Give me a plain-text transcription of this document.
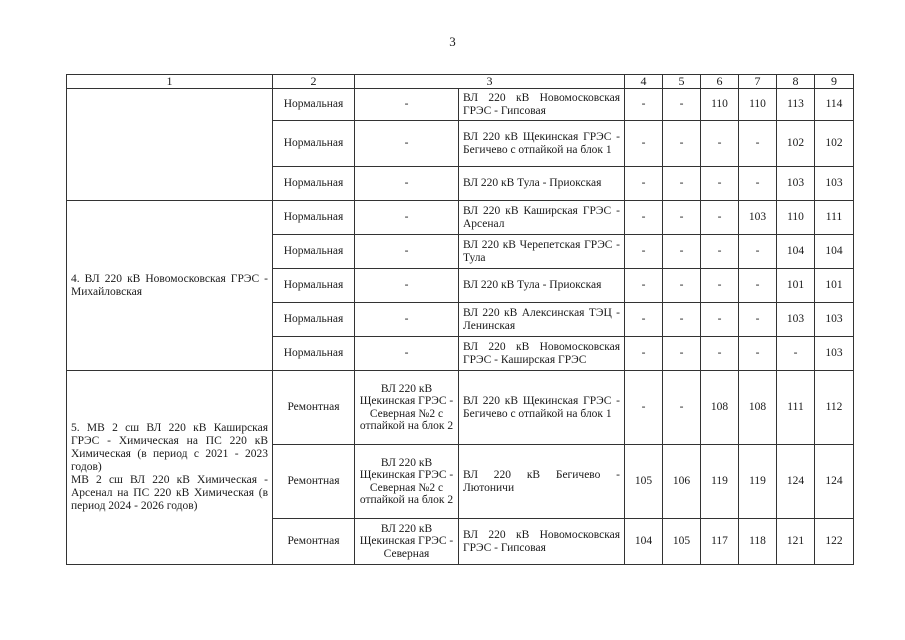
3
1	2	3		4	5	6	7	8	9
	Нормальная	-	ВЛ 220 кВ Новомосковская ГРЭС - Гипсовая	-	-	110	110	113	114
	Нормальная	-	ВЛ 220 кВ Щекинская ГРЭС - Бегичево с отпайкой на блок 1	-	-	-	-	102	102
	Нормальная	-	ВЛ 220 кВ Тула - Приокская	-	-	-	-	103	103
4. ВЛ 220 кВ Новомосковская ГРЭС - Михайловская	Нормальная	-	ВЛ 220 кВ Каширская ГРЭС - Арсенал	-	-	-	103	110	111
	Нормальная	-	ВЛ 220 кВ Черепетская ГРЭС - Тула	-	-	-	-	104	104
	Нормальная	-	ВЛ 220 кВ Тула - Приокская	-	-	-	-	101	101
	Нормальная	-	ВЛ 220 кВ Алексинская ТЭЦ - Ленинская	-	-	-	-	103	103
	Нормальная	-	ВЛ 220 кВ Новомосковская ГРЭС - Каширская ГРЭС	-	-	-	-	-	103
5. МВ 2 сш ВЛ 220 кВ Каширская ГРЭС - Химическая на ПС 220 кВ Химическая (в период с 2021 - 2023 годов)
МВ 2 сш ВЛ 220 кВ Химическая - Арсенал на ПС 220 кВ Химическая (в период 2024 - 2026 годов)	Ремонтная	ВЛ 220 кВ Щекинская ГРЭС - Северная №2 с отпайкой на блок 2	ВЛ 220 кВ Щекинская ГРЭС - Бегичево с отпайкой на блок 1	-	-	108	108	111	112
	Ремонтная	ВЛ 220 кВ Щекинская ГРЭС - Северная №2 с отпайкой на блок 2	ВЛ 220 кВ Бегичево - Лютоничи	105	106	119	119	124	124
	Ремонтная	ВЛ 220 кВ Щекинская ГРЭС - Северная	ВЛ 220 кВ Новомосковская ГРЭС - Гипсовая	104	105	117	118	121	122
